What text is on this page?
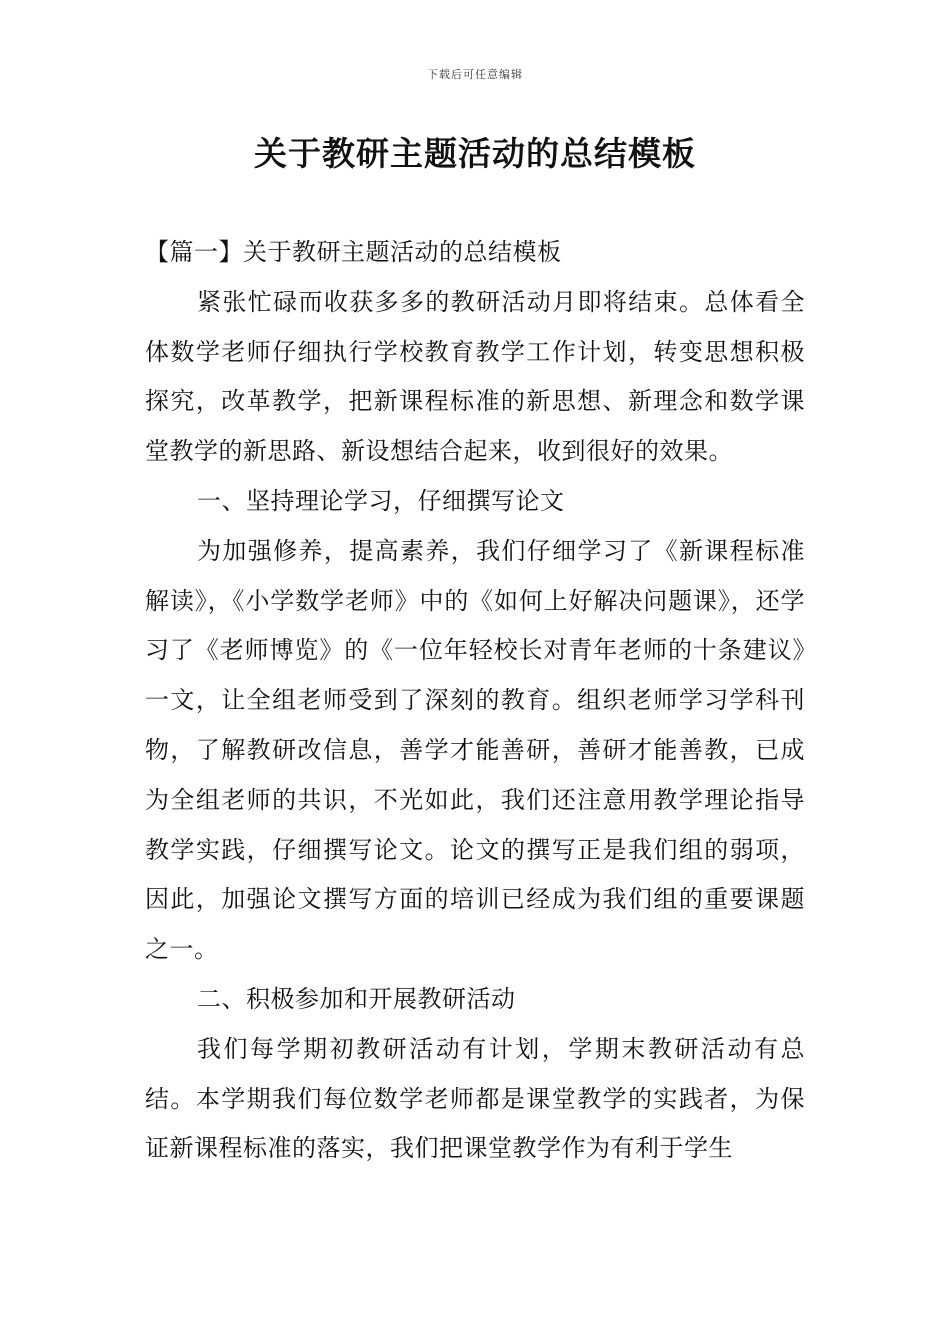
下载后可任意编辑
关于教研主题活动的总结模板

【篇一】关于教研主题活动的总结模板

紧张忙碌而收获多多的教研活动月即将结束。总体看全体数学老师仔细执行学校教育教学工作计划，转变思想积极探究，改革教学，把新课程标准的新思想、新理念和数学课堂教学的新思路、新设想结合起来，收到很好的效果。

一、坚持理论学习，仔细撰写论文

为加强修养，提高素养，我们仔细学习了《新课程标准解读》，《小学数学老师》中的《如何上好解决问题课》，还学习了《老师博览》的《一位年轻校长对青年老师的十条建议》一文，让全组老师受到了深刻的教育。组织老师学习学科刊物，了解教研改信息，善学才能善研，善研才能善教，已成为全组老师的共识，不光如此，我们还注意用教学理论指导教学实践，仔细撰写论文。论文的撰写正是我们组的弱项，因此，加强论文撰写方面的培训已经成为我们组的重要课题之一。

二、积极参加和开展教研活动

我们每学期初教研活动有计划，学期末教研活动有总结。本学期我们每位数学老师都是课堂教学的实践者，为保证新课程标准的落实，我们把课堂教学作为有利于学生
